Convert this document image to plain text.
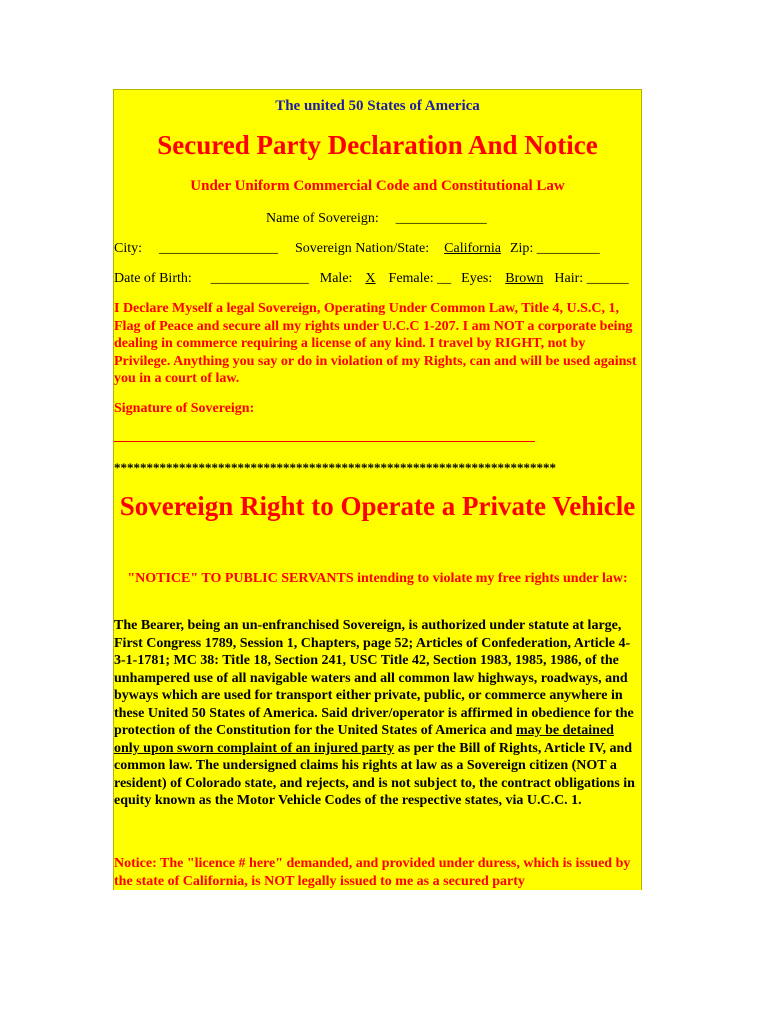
The united 50 States of America
Secured Party Declaration And Notice
Under Uniform Commercial Code and Constitutional Law
Name of Sovereign: _____________
City: _________________ Sovereign Nation/State: California Zip: _________
Date of Birth: ______________ Male: X Female: __ Eyes: Brown Hair: ______
I Declare Myself a legal Sovereign, Operating Under Common Law, Title 4, U.S.C, 1, Flag of Peace and secure all my rights under U.C.C 1-207. I am NOT a corporate being dealing in commerce requiring a license of any kind. I travel by RIGHT, not by Privilege. Anything you say or do in violation of my Rights, can and will be used against you in a court of law.
Signature of Sovereign:
********************************************************************
Sovereign Right to Operate a Private Vehicle
"NOTICE" TO PUBLIC SERVANTS intending to violate my free rights under law:
The Bearer, being an un-enfranchised Sovereign, is authorized under statute at large, First Congress 1789, Session 1, Chapters, page 52; Articles of Confederation, Article 4-3-1-1781; MC 38: Title 18, Section 241, USC Title 42, Section 1983, 1985, 1986, of the unhampered use of all navigable waters and all common law highways, roadways, and byways which are used for transport either private, public, or commerce anywhere in these United 50 States of America. Said driver/operator is affirmed in obedience for the protection of the Constitution for the United States of America and may be detained only upon sworn complaint of an injured party as per the Bill of Rights, Article IV, and common law. The undersigned claims his rights at law as a Sovereign citizen (NOT a resident) of Colorado state, and rejects, and is not subject to, the contract obligations in equity known as the Motor Vehicle Codes of the respective states, via U.C.C. 1.
Notice: The "licence # here" demanded, and provided under duress, which is issued by the state of California, is NOT legally issued to me as a secured party
